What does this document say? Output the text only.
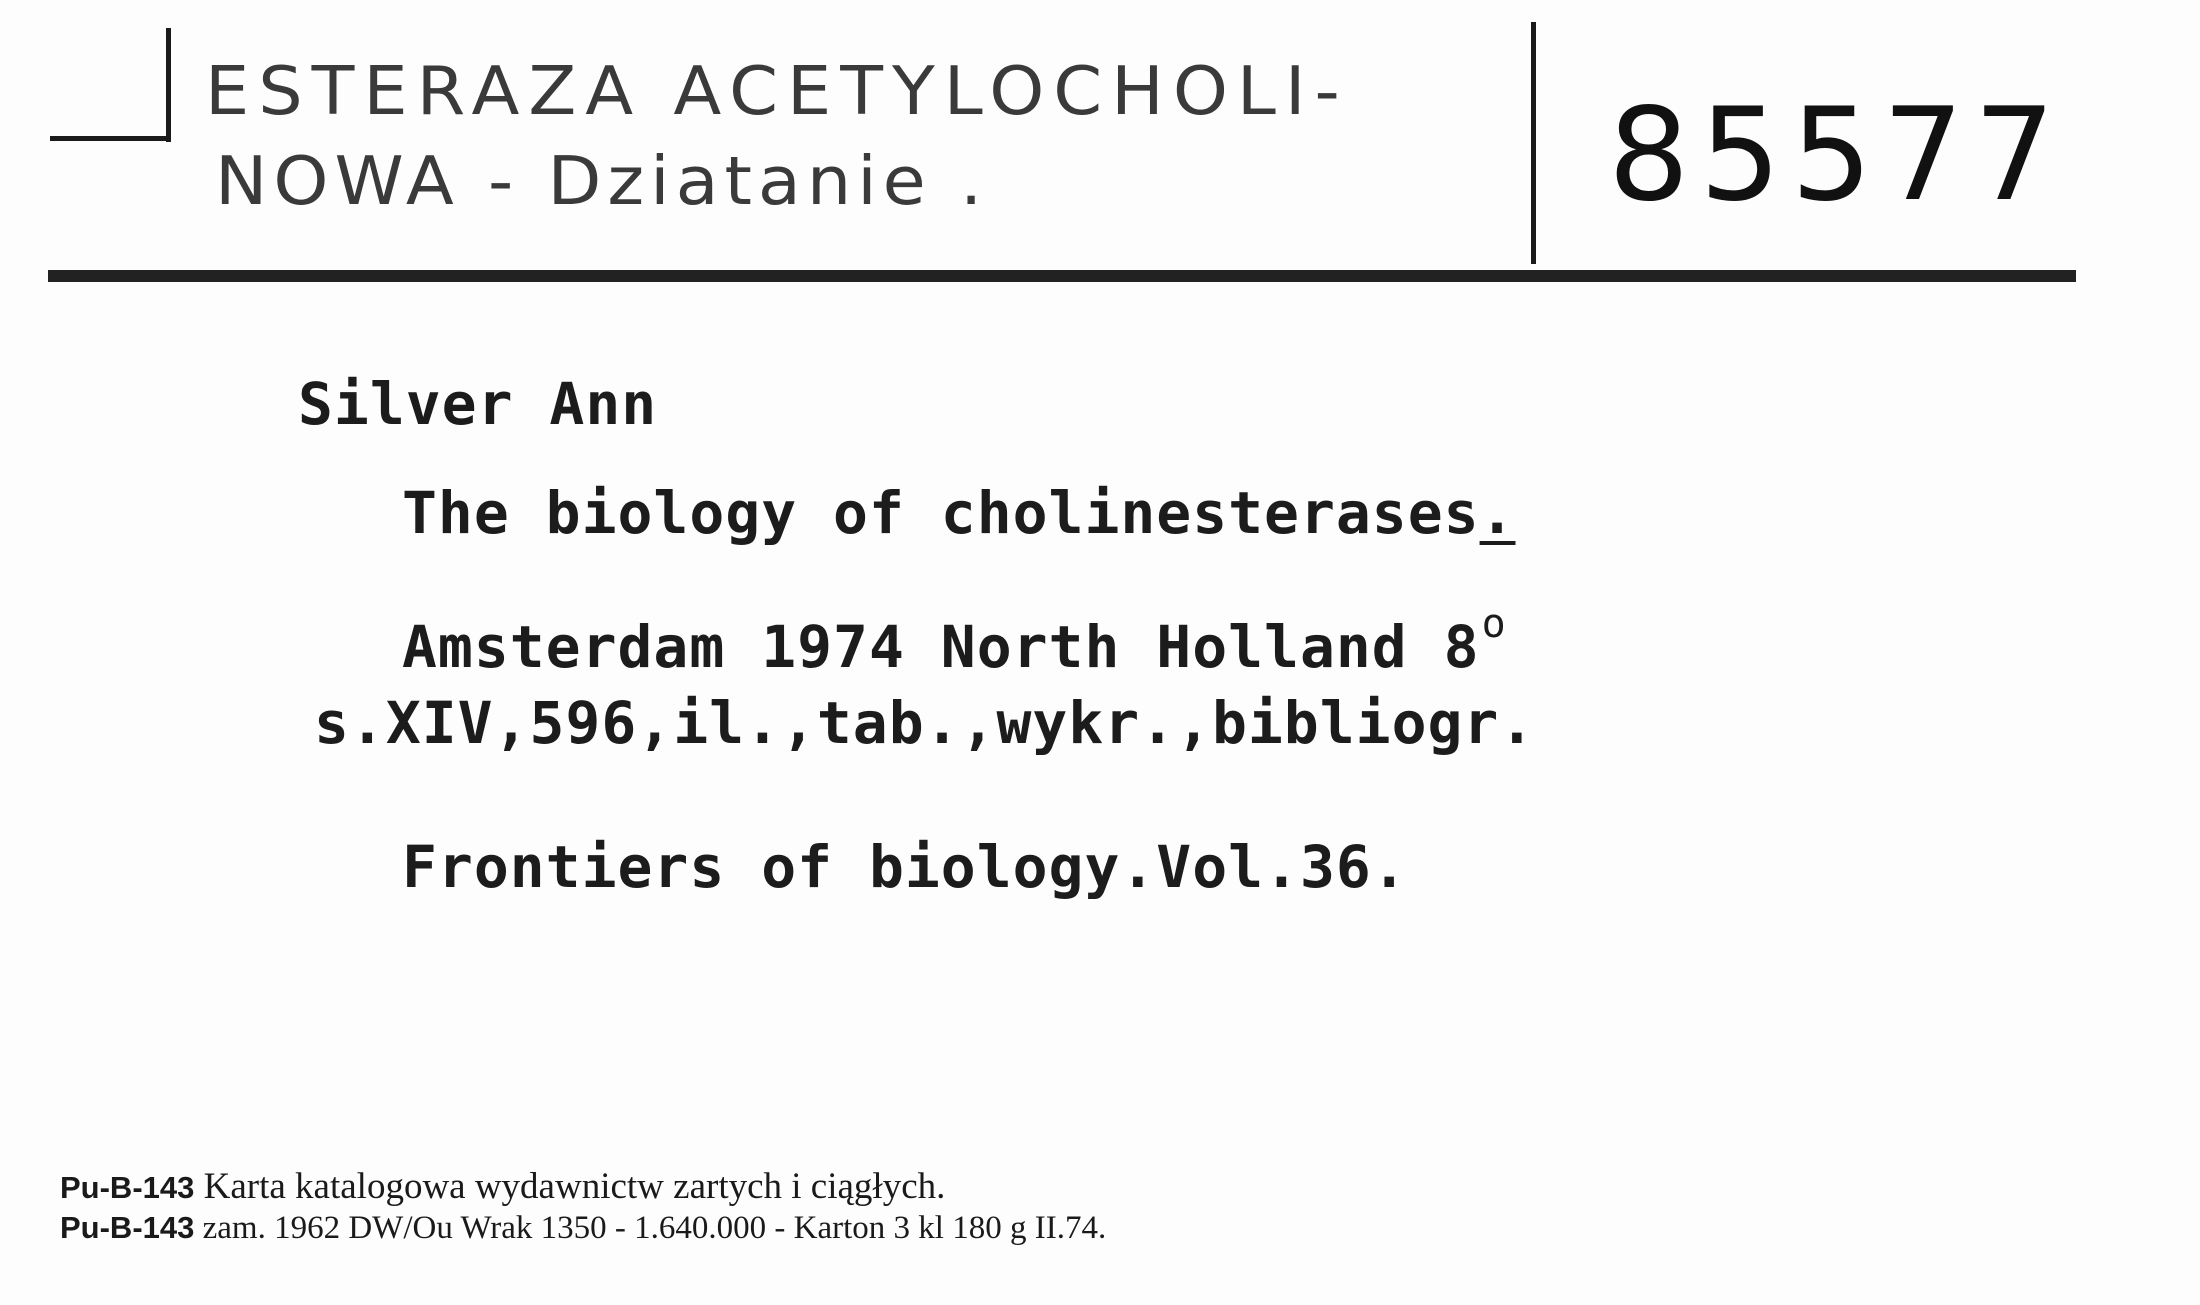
ESTERAZA ACETYLOCHOLI-
NOWA - Dziatanie .	85577
Silver Ann
The biology of cholinesterases.
Amsterdam 1974 North Holland 8$^o$
s.XIV,596,il.,tab.,wykr.,bibliogr.
Frontiers of biology.Vol.36.
Pu-B-143 Karta katalogowa wydawnictw zartych i ciągłych.
Pu-B-143 zam. 1962 DW/Ou Wrak 1350 - 1.640.000 - Karton 3 kl 180 g II.74.
